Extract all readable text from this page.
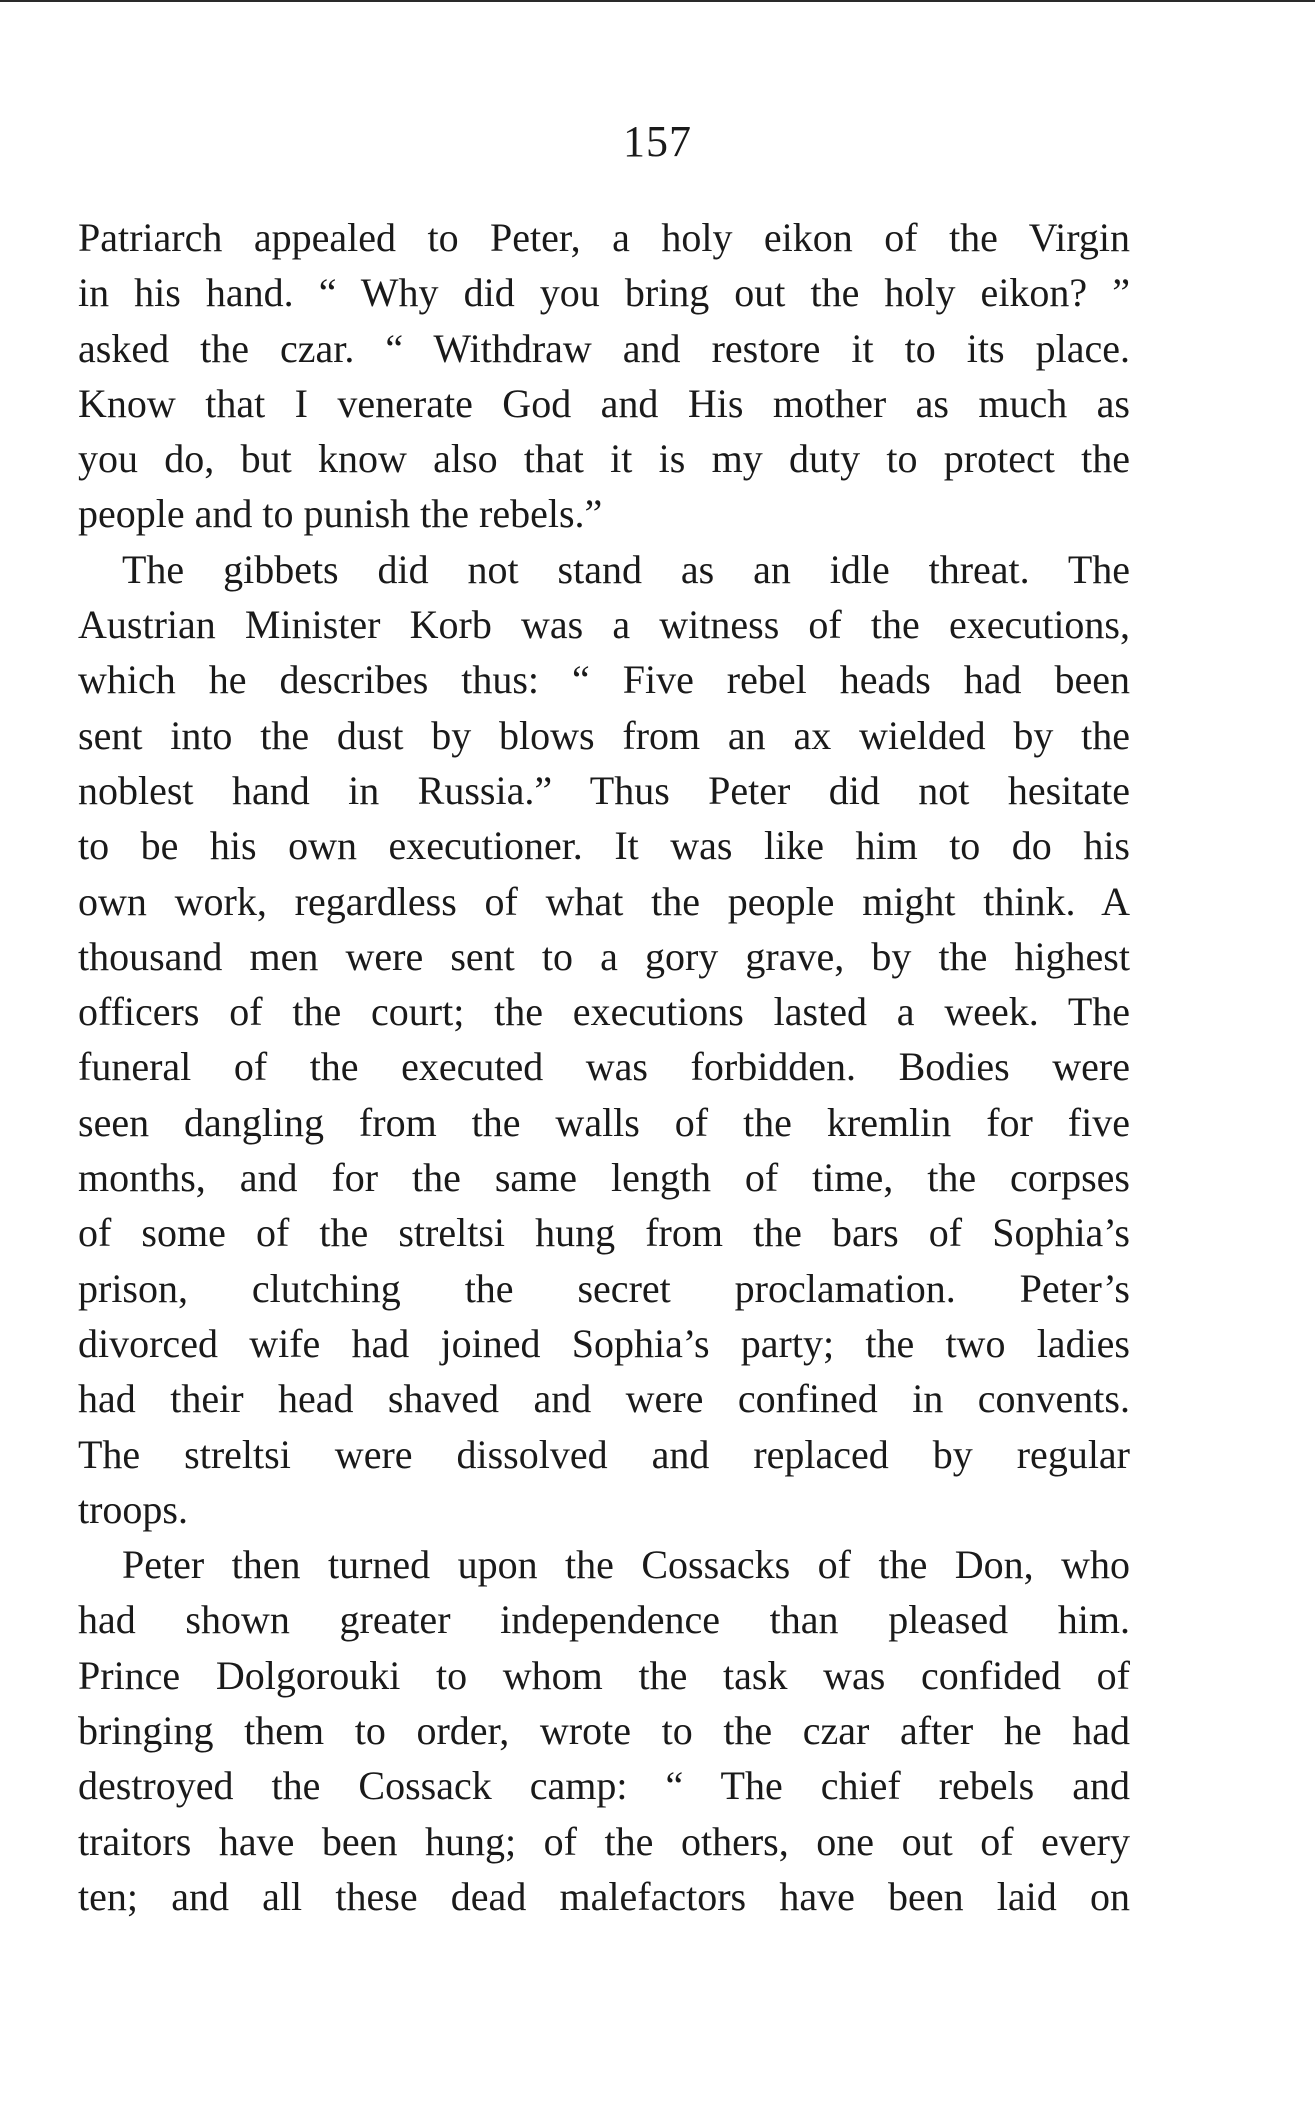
157
Patriarch appealed to Peter, a holy eikon of the Virgin
in his hand. “ Why did you bring out the holy eikon? ”
asked the czar. “ Withdraw and restore it to its place.
Know that I venerate God and His mother as much as
you do, but know also that it is my duty to protect the
people and to punish the rebels.”
The gibbets did not stand as an idle threat. The
Austrian Minister Korb was a witness of the executions,
which he describes thus: “ Five rebel heads had been
sent into the dust by blows from an ax wielded by the
noblest hand in Russia.” Thus Peter did not hesitate
to be his own executioner. It was like him to do his
own work, regardless of what the people might think. A
thousand men were sent to a gory grave, by the highest
officers of the court; the executions lasted a week. The
funeral of the executed was forbidden. Bodies were
seen dangling from the walls of the kremlin for five
months, and for the same length of time, the corpses
of some of the streltsi hung from the bars of Sophia’s
prison, clutching the secret proclamation. Peter’s
divorced wife had joined Sophia’s party; the two ladies
had their head shaved and were confined in convents.
The streltsi were dissolved and replaced by regular
troops.
Peter then turned upon the Cossacks of the Don, who
had shown greater independence than pleased him.
Prince Dolgorouki to whom the task was confided of
bringing them to order, wrote to the czar after he had
destroyed the Cossack camp: “ The chief rebels and
traitors have been hung; of the others, one out of every
ten; and all these dead malefactors have been laid on
